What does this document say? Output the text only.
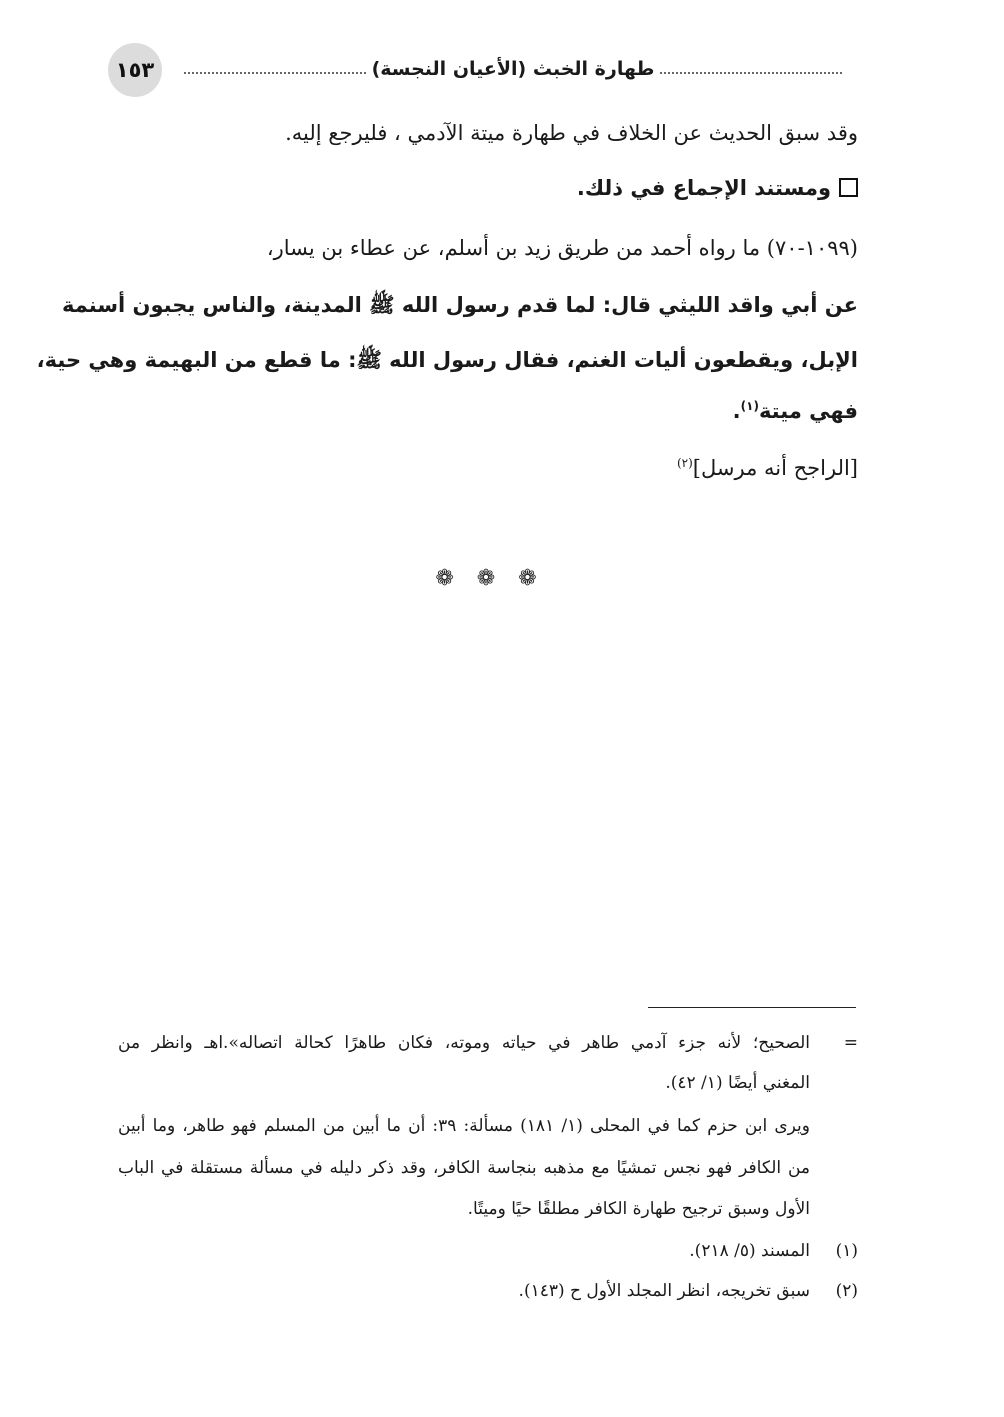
١٥٣	طهارة الخبث (الأعيان النجسة)
وقد سبق الحديث عن الخلاف في طهارة ميتة الآدمي ، فليرجع إليه.
ومستند الإجماع في ذلك.
(١٠٩٩-٧٠) ما رواه أحمد من طريق زيد بن أسلم، عن عطاء بن يسار،
عن أبي واقد الليثي قال: لما قدم رسول الله ﷺ المدينة، والناس يجبون أسنمة
الإبل، ويقطعون أليات الغنم، فقال رسول الله ﷺ: ما قطع من البهيمة وهي حية،
فهي ميتة$^{(١)}$.
[الراجح أنه مرسل]$^{(٢)}$
❁ ❁ ❁
=
الصحيح؛ لأنه جزء آدمي طاهر في حياته وموته، فكان طاهرًا كحالة اتصاله».اهـ وانظر من
المغني أيضًا (١/ ٤٢).
ويرى ابن حزم كما في المحلى (١/ ١٨١) مسألة: ٣٩: أن ما أبين من المسلم فهو طاهر، وما أبين
من الكافر فهو نجس تمشيًا مع مذهبه بنجاسة الكافر، وقد ذكر دليله في مسألة مستقلة في الباب
الأول وسبق ترجيح طهارة الكافر مطلقًا حيًا وميتًا.
(١)
المسند (٥/ ٢١٨).
(٢)
سبق تخريجه، انظر المجلد الأول ح (١٤٣).
